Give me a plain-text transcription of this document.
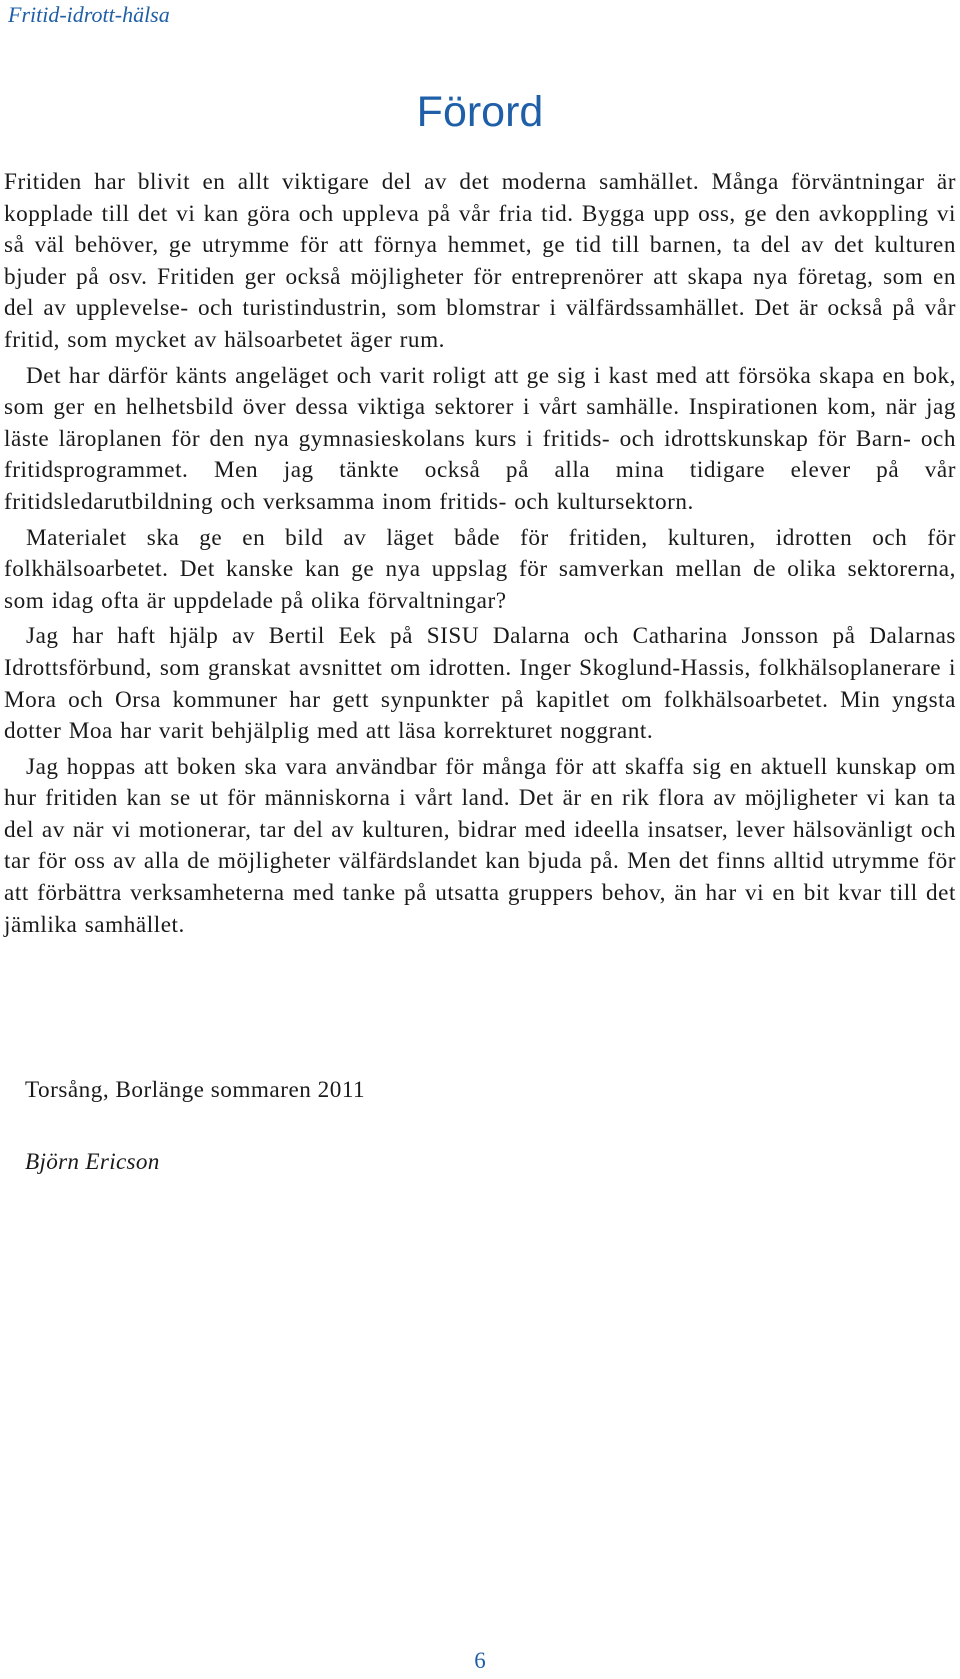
Fritid-idrott-hälsa
Förord

Fritiden har blivit en allt viktigare del av det moderna samhället. Många förväntningar är kopplade till det vi kan göra och uppleva på vår fria tid. Bygga upp oss, ge den avkoppling vi så väl behöver, ge utrymme för att förnya hemmet, ge tid till barnen, ta del av det kulturen bjuder på osv. Fritiden ger också möjligheter för entreprenörer att skapa nya företag, som en del av upplevelse- och turistindustrin, som blomstrar i välfärdssamhället. Det är också på vår fritid, som mycket av hälsoarbetet äger rum.

Det har därför känts angeläget och varit roligt att ge sig i kast med att försöka skapa en bok, som ger en helhetsbild över dessa viktiga sektorer i vårt samhälle. Inspirationen kom, när jag läste läroplanen för den nya gymnasieskolans kurs i fritids- och idrottskunskap för Barn- och fritidsprogrammet. Men jag tänkte också på alla mina tidigare elever på vår fritidsledarutbildning och verksamma inom fritids- och kultursektorn.

Materialet ska ge en bild av läget både för fritiden, kulturen, idrotten och för folkhälsoarbetet. Det kanske kan ge nya uppslag för samverkan mellan de olika sektorerna, som idag ofta är uppdelade på olika förvaltningar?

Jag har haft hjälp av Bertil Eek på SISU Dalarna och Catharina Jonsson på Dalarnas Idrottsförbund, som granskat avsnittet om idrotten. Inger Skoglund-Hassis, folkhälsoplanerare i Mora och Orsa kommuner har gett synpunkter på kapitlet om folkhälsoarbetet. Min yngsta dotter Moa har varit behjälplig med att läsa korrekturet noggrant.

Jag hoppas att boken ska vara användbar för många för att skaffa sig en aktuell kunskap om hur fritiden kan se ut för människorna i vårt land. Det är en rik flora av möjligheter vi kan ta del av när vi motionerar, tar del av kulturen, bidrar med ideella insatser, lever hälsovänligt och tar för oss av alla de möjligheter välfärdslandet kan bjuda på. Men det finns alltid utrymme för att förbättra verksamheterna med tanke på utsatta gruppers behov, än har vi en bit kvar till det jämlika samhället.

Torsång, Borlänge sommaren 2011
Björn Ericson
6
